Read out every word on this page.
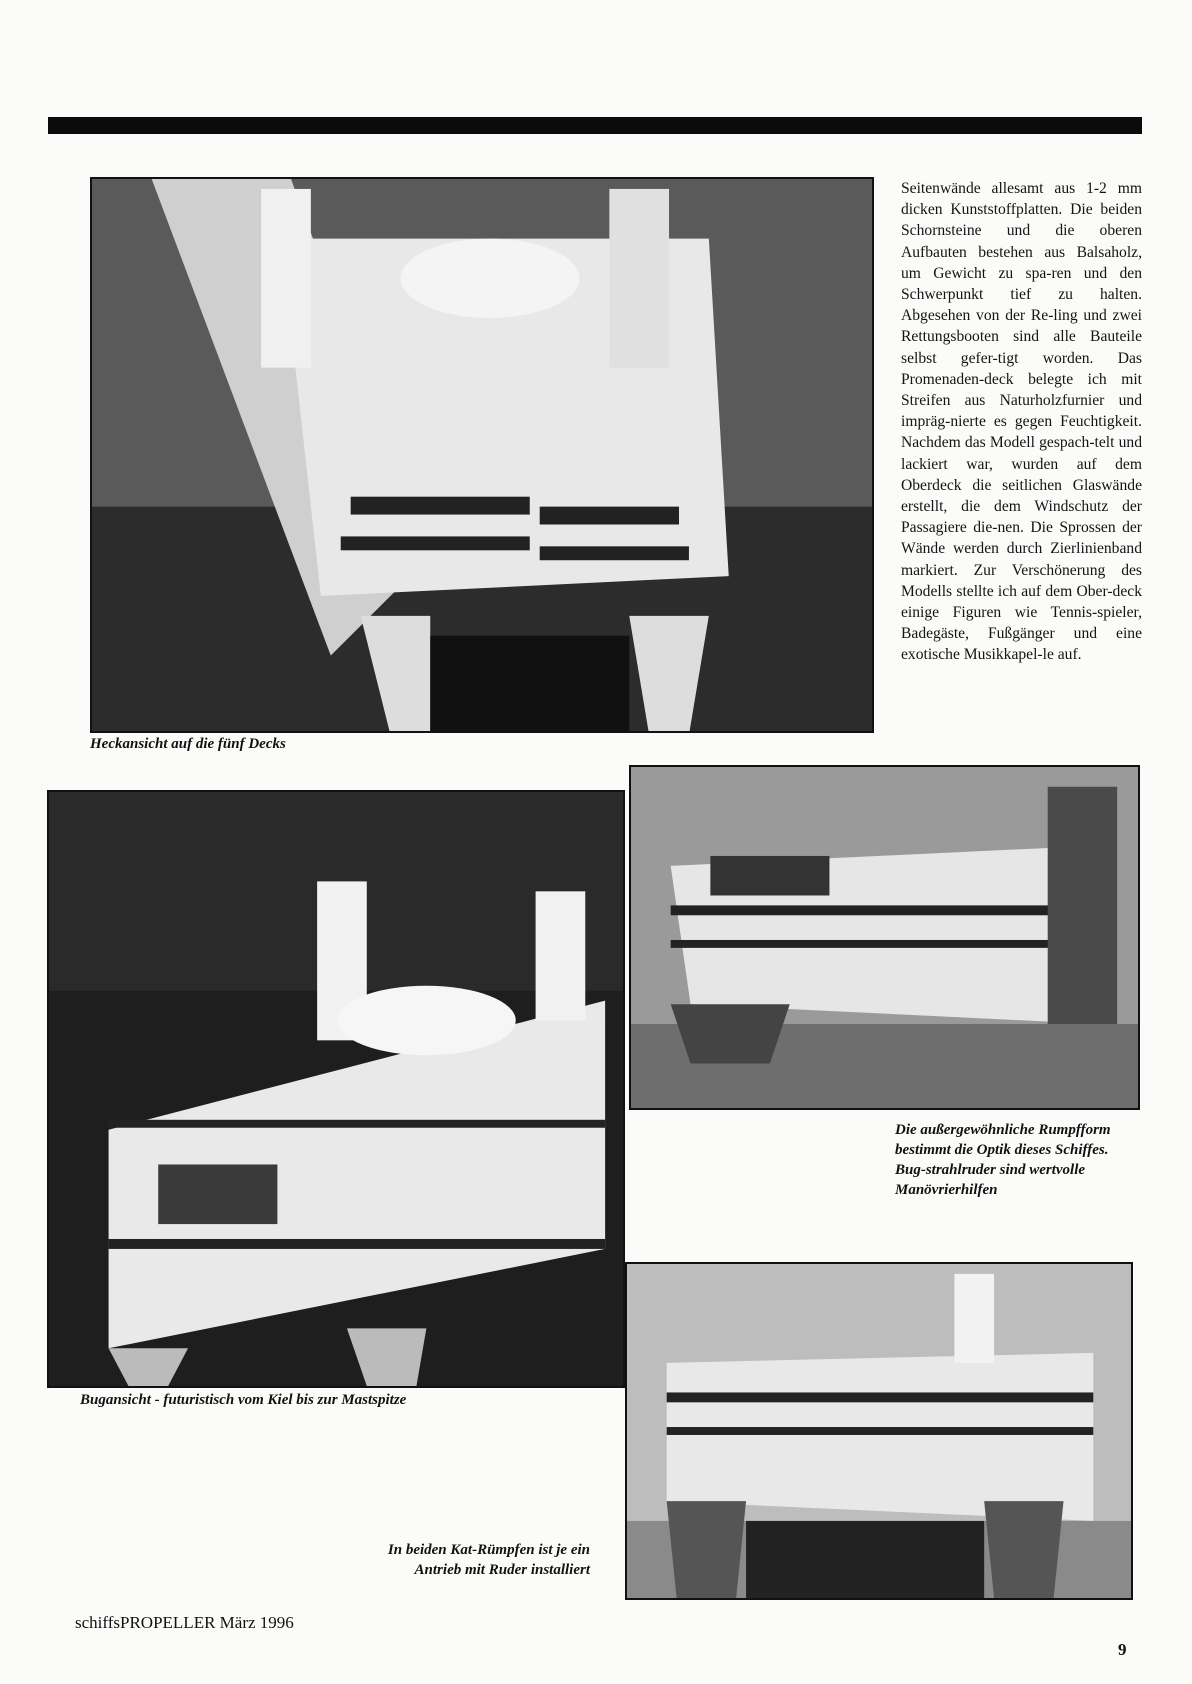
Heckansicht auf die fünf Decks
Seitenwände allesamt aus 1-2 mm dicken Kunststoffplatten. Die beiden Schornsteine und die oberen Aufbauten bestehen aus Balsaholz, um Gewicht zu spa-ren und den Schwerpunkt tief zu halten. Abgesehen von der Re-ling und zwei Rettungsbooten sind alle Bauteile selbst gefer-tigt worden. Das Promenaden-deck belegte ich mit Streifen aus Naturholzfurnier und impräg-nierte es gegen Feuchtigkeit. Nachdem das Modell gespach-telt und lackiert war, wurden auf dem Oberdeck die seitlichen Glaswände erstellt, die dem Windschutz der Passagiere die-nen. Die Sprossen der Wände werden durch Zierlinienband markiert. Zur Verschönerung des Modells stellte ich auf dem Ober-deck einige Figuren wie Tennis-spieler, Badegäste, Fußgänger und eine exotische Musikkapel-le auf.
Die außergewöhnliche Rumpfform bestimmt die Optik dieses Schiffes. Bug-strahlruder sind wertvolle Manövrierhilfen
Bugansicht - futuristisch vom Kiel bis zur Mastspitze
In beiden Kat-Rümpfen ist je ein Antrieb mit Ruder installiert
schiffsPROPELLER März 1996
9
